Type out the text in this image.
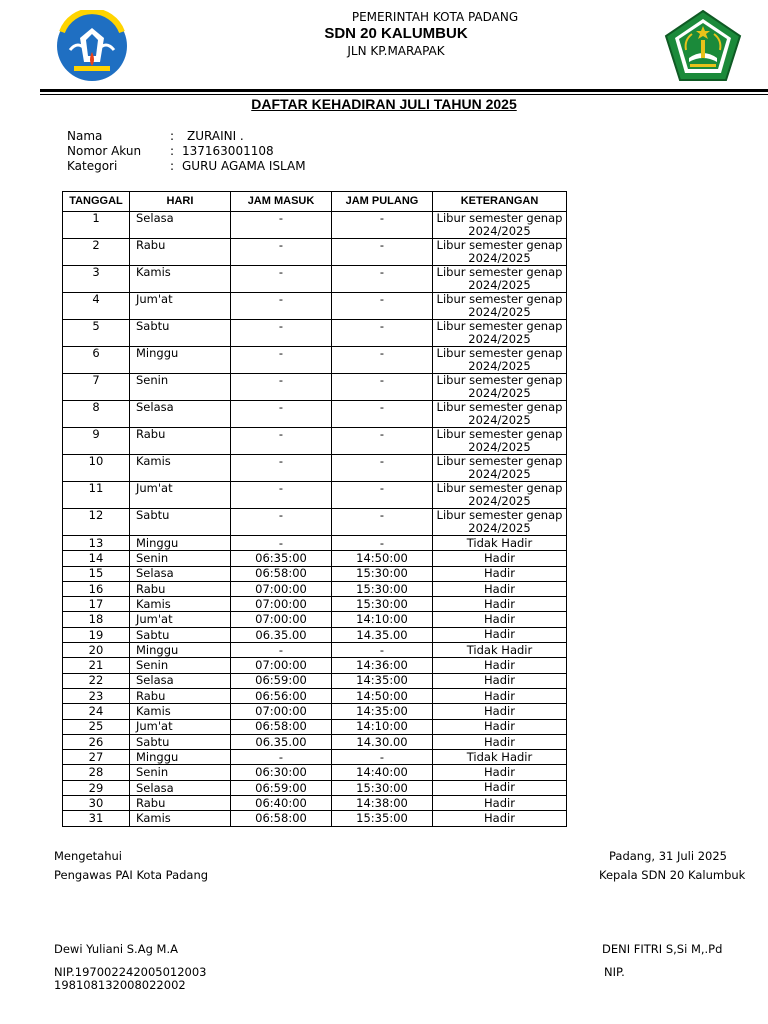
PEMERINTAH KOTA PADANG
SDN 20 KALUMBUK
JLN KP.MARAPAK
DAFTAR KEHADIRAN JULI TAHUN 2025
Nama	: ZURAINI .
Nomor Akun : 137163001108
Kategori	: GURU AGAMA ISLAM
TANGGAL	HARI	JAM MASUK	JAM PULANG	KETERANGAN
1	Selasa	-	-	Libur semester genap 2024/2025
2	Rabu	-	-	Libur semester genap 2024/2025
3	Kamis	-	-	Libur semester genap 2024/2025
4	Jum'at	-	-	Libur semester genap 2024/2025
5	Sabtu	-	-	Libur semester genap 2024/2025
6	Minggu	-	-	Libur semester genap 2024/2025
7	Senin	-	-	Libur semester genap 2024/2025
8	Selasa	-	-	Libur semester genap 2024/2025
9	Rabu	-	-	Libur semester genap 2024/2025
10	Kamis	-	-	Libur semester genap 2024/2025
11	Jum'at	-	-	Libur semester genap 2024/2025
12	Sabtu	-	-	Libur semester genap 2024/2025
13	Minggu	-	-	Tidak Hadir
14	Senin	06:35:00	14:50:00	Hadir
15	Selasa	06:58:00	15:30:00	Hadir
16	Rabu	07:00:00	15:30:00	Hadir
17	Kamis	07:00:00	15:30:00	Hadir
18	Jum'at	07:00:00	14:10:00	Hadir
19	Sabtu	06.35.00	14.35.00	Hadir
20	Minggu	-	-	Tidak Hadir
21	Senin	07:00:00	14:36:00	Hadir
22	Selasa	06:59:00	14:35:00	Hadir
23	Rabu	06:56:00	14:50:00	Hadir
24	Kamis	07:00:00	14:35:00	Hadir
25	Jum'at	06:58:00	14:10:00	Hadir
26	Sabtu	06.35.00	14.30.00	Hadir
27	Minggu	-	-	Tidak Hadir
28	Senin	06:30:00	14:40:00	Hadir
29	Selasa	06:59:00	15:30:00	Hadir
30	Rabu	06:40:00	14:38:00	Hadir
31	Kamis	06:58:00	15:35:00	Hadir
Mengetahui
Pengawas PAI Kota Padang
Dewi Yuliani S.Ag M.A
NIP.197002242005012003
198108132008022002
Padang, 31 Juli 2025
Kepala SDN 20 Kalumbuk
DENI FITRI S,Si M,.Pd
NIP.
